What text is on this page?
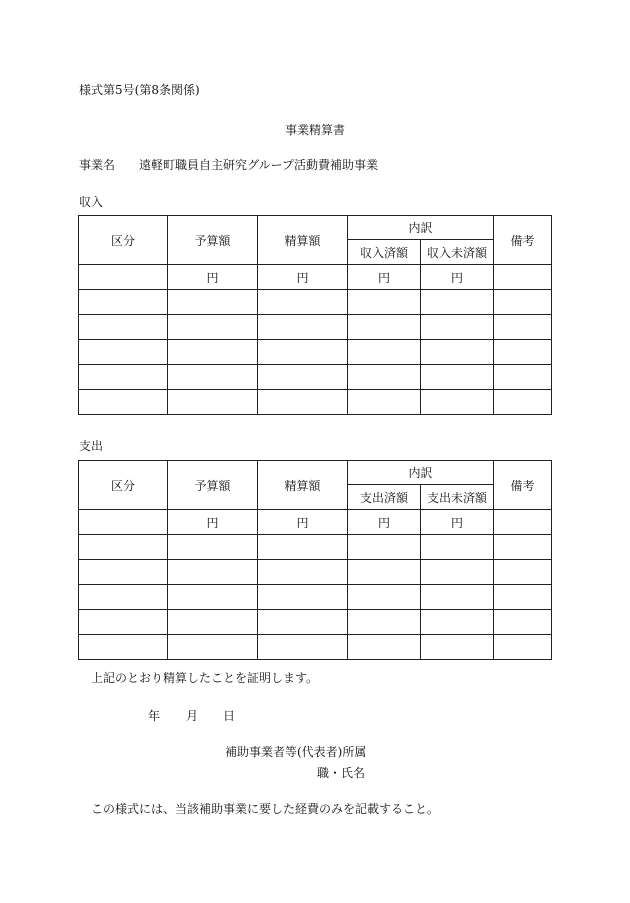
様式第5号(第8条関係)
事業精算書
事業名 遠軽町職員自主研究グループ活動費補助事業
収入
区分	予算額	精算額	内訳		備考
			収入済額	収入未済額	
	円	円	円	円	

支出
区分	予算額	精算額	内訳		備考
			支出済額	支出未済額	
	円	円	円	円	

上記のとおり精算したことを証明します。
年 月 日
補助事業者等(代表者)所属
職・氏名
この様式には、当該補助事業に要した経費のみを記載すること。
